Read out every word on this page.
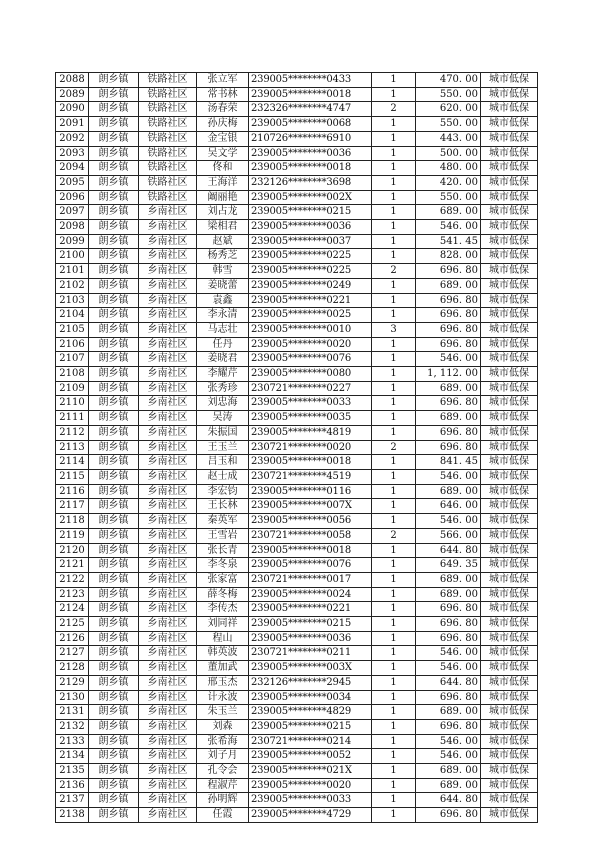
2088	朗乡镇	铁路社区	张立军	239005********0433	1	470. 00	城市低保
2089	朗乡镇	铁路社区	常书林	239005********0018	1	550. 00	城市低保
2090	朗乡镇	铁路社区	汤春荣	232326********4747	2	620. 00	城市低保
2091	朗乡镇	铁路社区	孙庆梅	239005********0068	1	550. 00	城市低保
2092	朗乡镇	铁路社区	金宝银	210726********6910	1	443. 00	城市低保
2093	朗乡镇	铁路社区	吴文学	239005********0036	1	500. 00	城市低保
2094	朗乡镇	铁路社区	佟和	239005********0018	1	480. 00	城市低保
2095	朗乡镇	铁路社区	王海洋	232126********3698	1	420. 00	城市低保
2096	朗乡镇	铁路社区	阚丽艳	239005********002X	1	550. 00	城市低保
2097	朗乡镇	乡南社区	刘占龙	239005********0215	1	689. 00	城市低保
2098	朗乡镇	乡南社区	梁相君	239005********0036	1	546. 00	城市低保
2099	朗乡镇	乡南社区	赵斌	239005********0037	1	541. 45	城市低保
2100	朗乡镇	乡南社区	杨秀芝	239005********0225	1	828. 00	城市低保
2101	朗乡镇	乡南社区	韩雪	239005********0225	2	696. 80	城市低保
2102	朗乡镇	乡南社区	姜晓蕾	239005********0249	1	689. 00	城市低保
2103	朗乡镇	乡南社区	袁鑫	239005********0221	1	696. 80	城市低保
2104	朗乡镇	乡南社区	李永清	239005********0025	1	696. 80	城市低保
2105	朗乡镇	乡南社区	马志壮	239005********0010	3	696. 80	城市低保
2106	朗乡镇	乡南社区	任丹	239005********0020	1	696. 80	城市低保
2107	朗乡镇	乡南社区	姜晓君	239005********0076	1	546. 00	城市低保
2108	朗乡镇	乡南社区	李耀芹	239005********0080	1	1, 112. 00	城市低保
2109	朗乡镇	乡南社区	张秀珍	230721********0227	1	689. 00	城市低保
2110	朗乡镇	乡南社区	刘忠海	239005********0033	1	696. 80	城市低保
2111	朗乡镇	乡南社区	吴涛	239005********0035	1	689. 00	城市低保
2112	朗乡镇	乡南社区	朱振国	239005********4819	1	696. 80	城市低保
2113	朗乡镇	乡南社区	王玉兰	230721********0020	2	696. 80	城市低保
2114	朗乡镇	乡南社区	吕玉和	239005********0018	1	841. 45	城市低保
2115	朗乡镇	乡南社区	赵士成	230721********4519	1	546. 00	城市低保
2116	朗乡镇	乡南社区	李宏钧	239005********0116	1	689. 00	城市低保
2117	朗乡镇	乡南社区	王长林	239005********007X	1	646. 00	城市低保
2118	朗乡镇	乡南社区	秦英军	239005********0056	1	546. 00	城市低保
2119	朗乡镇	乡南社区	王雪岩	230721********0058	2	566. 00	城市低保
2120	朗乡镇	乡南社区	张长青	239005********0018	1	644. 80	城市低保
2121	朗乡镇	乡南社区	李冬泉	239005********0076	1	649. 35	城市低保
2122	朗乡镇	乡南社区	张家富	230721********0017	1	689. 00	城市低保
2123	朗乡镇	乡南社区	薛冬梅	239005********0024	1	689. 00	城市低保
2124	朗乡镇	乡南社区	李传杰	239005********0221	1	696. 80	城市低保
2125	朗乡镇	乡南社区	刘同祥	239005********0215	1	696. 80	城市低保
2126	朗乡镇	乡南社区	程山	239005********0036	1	696. 80	城市低保
2127	朗乡镇	乡南社区	韩英波	230721********0211	1	546. 00	城市低保
2128	朗乡镇	乡南社区	董加武	239005********003X	1	546. 00	城市低保
2129	朗乡镇	乡南社区	邢玉杰	232126********2945	1	644. 80	城市低保
2130	朗乡镇	乡南社区	计永波	239005********0034	1	696. 80	城市低保
2131	朗乡镇	乡南社区	朱玉兰	239005********4829	1	689. 00	城市低保
2132	朗乡镇	乡南社区	刘森	239005********0215	1	696. 80	城市低保
2133	朗乡镇	乡南社区	张希海	230721********0214	1	546. 00	城市低保
2134	朗乡镇	乡南社区	刘子月	239005********0052	1	546. 00	城市低保
2135	朗乡镇	乡南社区	孔令会	239005********021X	1	689. 00	城市低保
2136	朗乡镇	乡南社区	程淑芹	239005********0020	1	689. 00	城市低保
2137	朗乡镇	乡南社区	孙明辉	239005********0033	1	644. 80	城市低保
2138	朗乡镇	乡南社区	任霞	239005********4729	1	696. 80	城市低保
